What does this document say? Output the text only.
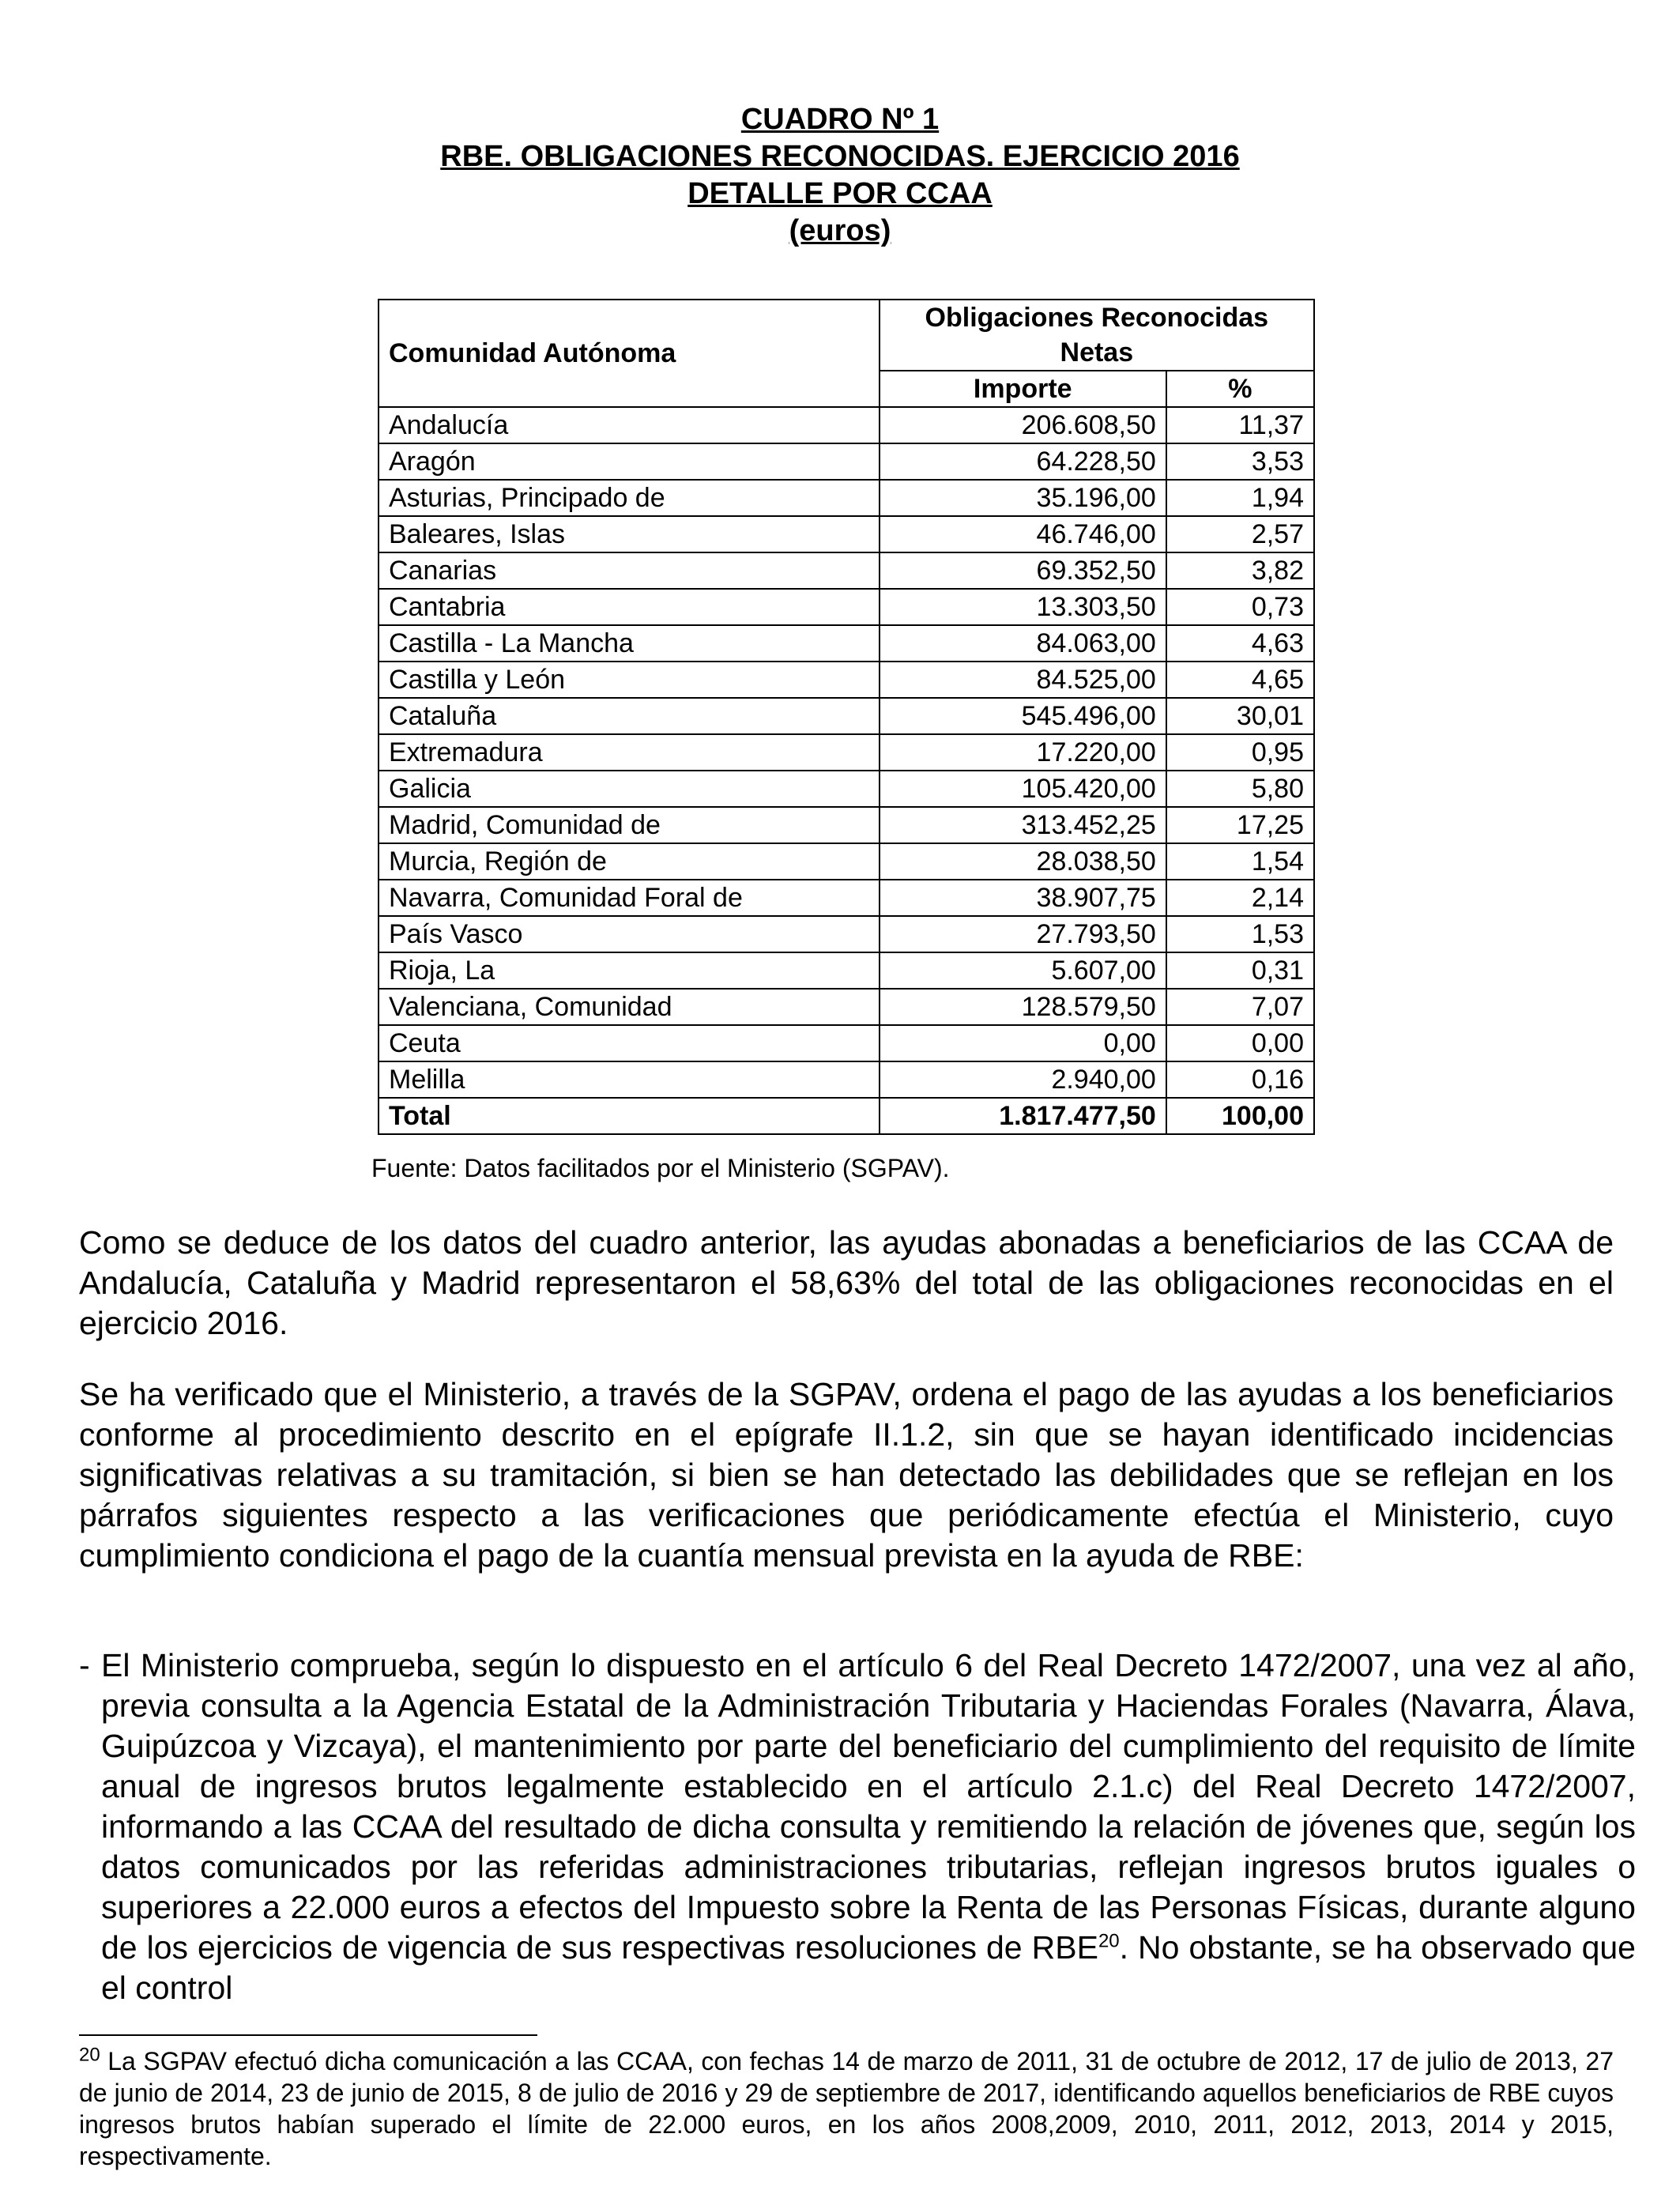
CUADRO Nº 1
RBE. OBLIGACIONES RECONOCIDAS. EJERCICIO 2016
DETALLE POR CCAA
(euros)
Comunidad Autónoma	Obligaciones Reconocidas Netas	
	Importe	%
Andalucía	206.608,50	11,37
Aragón	64.228,50	3,53
Asturias, Principado de	35.196,00	1,94
Baleares, Islas	46.746,00	2,57
Canarias	69.352,50	3,82
Cantabria	13.303,50	0,73
Castilla - La Mancha	84.063,00	4,63
Castilla y León	84.525,00	4,65
Cataluña	545.496,00	30,01
Extremadura	17.220,00	0,95
Galicia	105.420,00	5,80
Madrid, Comunidad de	313.452,25	17,25
Murcia, Región de	28.038,50	1,54
Navarra, Comunidad Foral de	38.907,75	2,14
País Vasco	27.793,50	1,53
Rioja, La	5.607,00	0,31
Valenciana, Comunidad	128.579,50	7,07
Ceuta	0,00	0,00
Melilla	2.940,00	0,16
Total	1.817.477,50	100,00
Fuente: Datos facilitados por el Ministerio (SGPAV).
Como se deduce de los datos del cuadro anterior, las ayudas abonadas a beneficiarios de las CCAA de Andalucía, Cataluña y Madrid representaron el 58,63% del total de las obligaciones reconocidas en el ejercicio 2016.
Se ha verificado que el Ministerio, a través de la SGPAV, ordena el pago de las ayudas a los beneficiarios conforme al procedimiento descrito en el epígrafe II.1.2, sin que se hayan identificado incidencias significativas relativas a su tramitación, si bien se han detectado las debilidades que se reflejan en los párrafos siguientes respecto a las verificaciones que periódicamente efectúa el Ministerio, cuyo cumplimiento condiciona el pago de la cuantía mensual prevista en la ayuda de RBE:
- El Ministerio comprueba, según lo dispuesto en el artículo 6 del Real Decreto 1472/2007, una vez al año, previa consulta a la Agencia Estatal de la Administración Tributaria y Haciendas Forales (Navarra, Álava, Guipúzcoa y Vizcaya), el mantenimiento por parte del beneficiario del cumplimiento del requisito de límite anual de ingresos brutos legalmente establecido en el artículo 2.1.c) del Real Decreto 1472/2007, informando a las CCAA del resultado de dicha consulta y remitiendo la relación de jóvenes que, según los datos comunicados por las referidas administraciones tributarias, reflejan ingresos brutos iguales o superiores a 22.000 euros a efectos del Impuesto sobre la Renta de las Personas Físicas, durante alguno de los ejercicios de vigencia de sus respectivas resoluciones de RBE$^{20}$. No obstante, se ha observado que el control
$^{20}$ La SGPAV efectuó dicha comunicación a las CCAA, con fechas 14 de marzo de 2011, 31 de octubre de 2012, 17 de julio de 2013, 27 de junio de 2014, 23 de junio de 2015, 8 de julio de 2016 y 29 de septiembre de 2017, identificando aquellos beneficiarios de RBE cuyos ingresos brutos habían superado el límite de 22.000 euros, en los años 2008,2009, 2010, 2011, 2012, 2013, 2014 y 2015, respectivamente.
